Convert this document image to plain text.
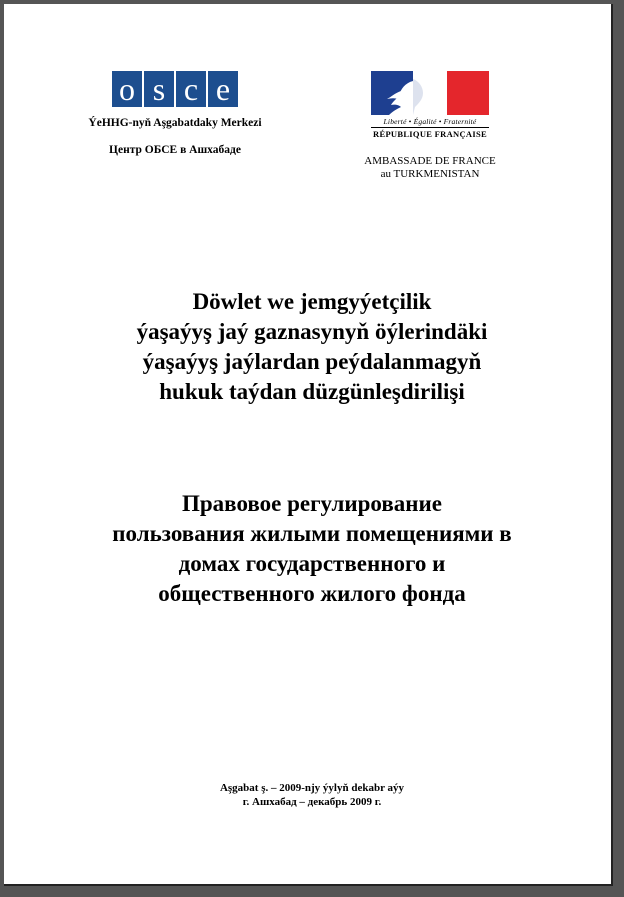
o s c e
ÝeHHG-nyň Aşgabatdaky Merkezi
Центр ОБСЕ в Ашхабаде
Liberté • Égalité • Fraternité
RÉPUBLIQUE FRANÇAISE
AMBASSADE DE FRANCE
au TURKMENISTAN
Döwlet we jemgyýetçilik
ýaşaýyş jaý gaznasynyň öýlerindäki
ýaşaýyş jaýlardan peýdalanmagyň
hukuk taýdan düzgünleşdirilişi
Правовое регулирование
пользования жилыми помещениями в
домах государственного и
общественного жилого фонда
Aşgabat ş. – 2009-njy ýylyň dekabr aýy
г. Ашхабад – декабрь 2009 г.
